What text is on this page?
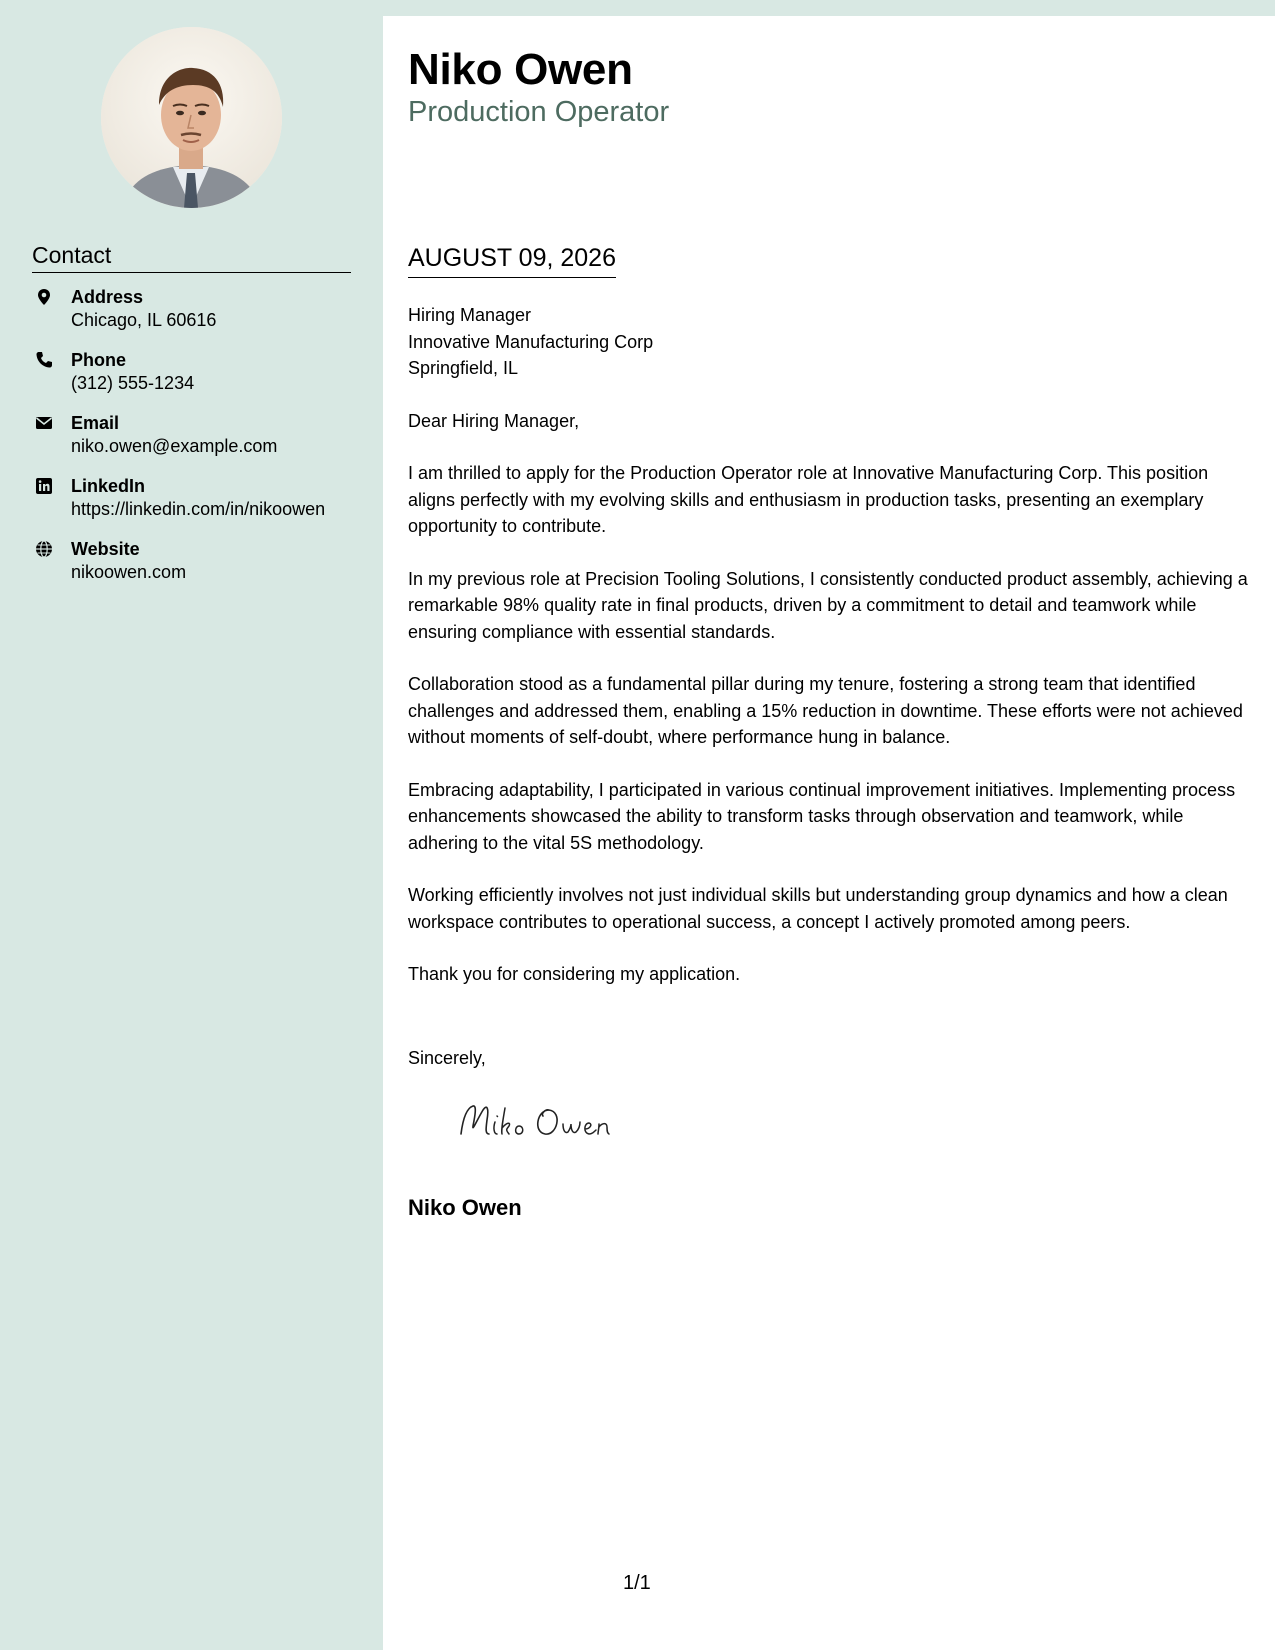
Contact
Address
Chicago, IL 60616
Phone
(312) 555-1234
Email
niko.owen@example.com
LinkedIn
https://linkedin.com/in/nikoowen
Website
nikoowen.com
Niko Owen
Production Operator
AUGUST 09, 2026
Hiring Manager
Innovative Manufacturing Corp
Springfield, IL

Dear Hiring Manager,

I am thrilled to apply for the Production Operator role at Innovative Manufacturing Corp. This position aligns perfectly with my evolving skills and enthusiasm in production tasks, presenting an exemplary opportunity to contribute.

In my previous role at Precision Tooling Solutions, I consistently conducted product assembly, achieving a remarkable 98% quality rate in final products, driven by a commitment to detail and teamwork while ensuring compliance with essential standards.

Collaboration stood as a fundamental pillar during my tenure, fostering a strong team that identified challenges and addressed them, enabling a 15% reduction in downtime. These efforts were not achieved without moments of self-doubt, where performance hung in balance.

Embracing adaptability, I participated in various continual improvement initiatives. Implementing process enhancements showcased the ability to transform tasks through observation and teamwork, while adhering to the vital 5S methodology.

Working efficiently involves not just individual skills but understanding group dynamics and how a clean workspace contributes to operational success, a concept I actively promoted among peers.

Thank you for considering my application.

Sincerely,
Niko Owen
1/1
